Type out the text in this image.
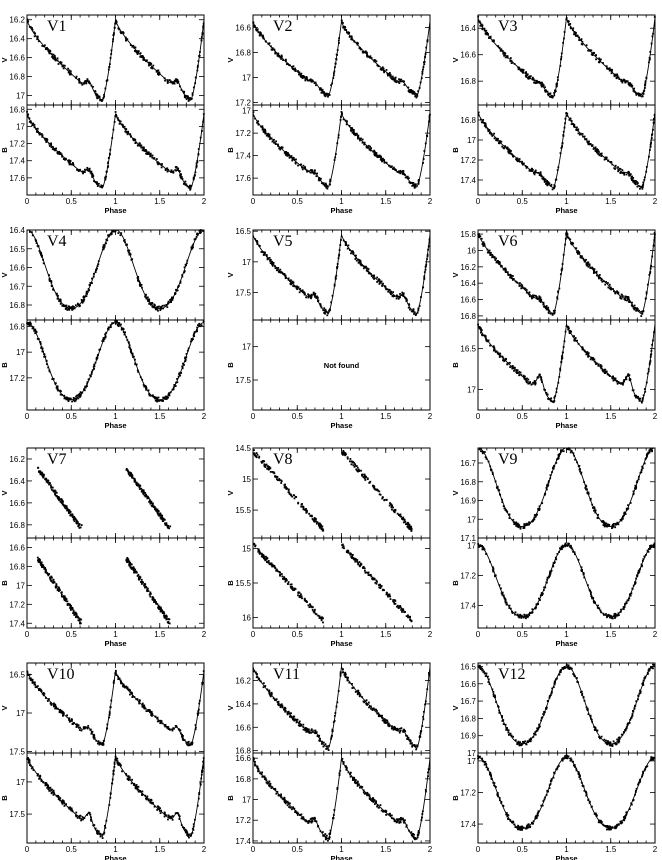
16.2
16.4
16.6
16.8
17
V
0	0.5	1	1.5	2
16.8
17
17.2
17.4
17.6
B
Phase
V1	16.6
16.8
17
17.2
V
0	0.5	1	1.5	2
17
17.2
17.4
17.6
B
Phase
V2	16.4
16.6
16.8
V
0	0.5	1	1.5	2
16.8
17
17.2
17.4
B
Phase
V3
16.4
16.5
16.6
16.7
16.8
V
0	0.5	1	1.5	2
16.8
17
17.2
B
Phase
V4
16.5
17
17.5
V
0	0.5	1	1.5	2
17
17.5
B
Phase
V5
Not found
15.8
16
16.2
16.4
16.6
16.8
V
0	0.5	1	1.5	2
16.5
17
B
Phase
V6
16.2
16.4
16.6
16.8
V
0	0.5	1	1.5	2
16.6
16.8
17
17.2
17.4
B
Phase
V7
14.5
15
15.5
V
0	0.5	1	1.5	2
15
15.5
16
B
Phase
V8	16.7
16.8
16.9
17
17.1
V
0	0.5	1	1.5	2
17
17.2
17.4
B
Phase
V9
16.5
17
17.5
V
0	0.5	1	1.5	2
17
17.5
B
Phase
V10	16.2
16.4
16.6
16.8
V
0	0.5	1	1.5	2
16.6
16.8
17
17.2
17.4
B
Phase
V11	16.5
16.6
16.7
16.8
16.9
17
V
0	0.5	1	1.5	2
17
17.2
17.4
B
Phase
V12
